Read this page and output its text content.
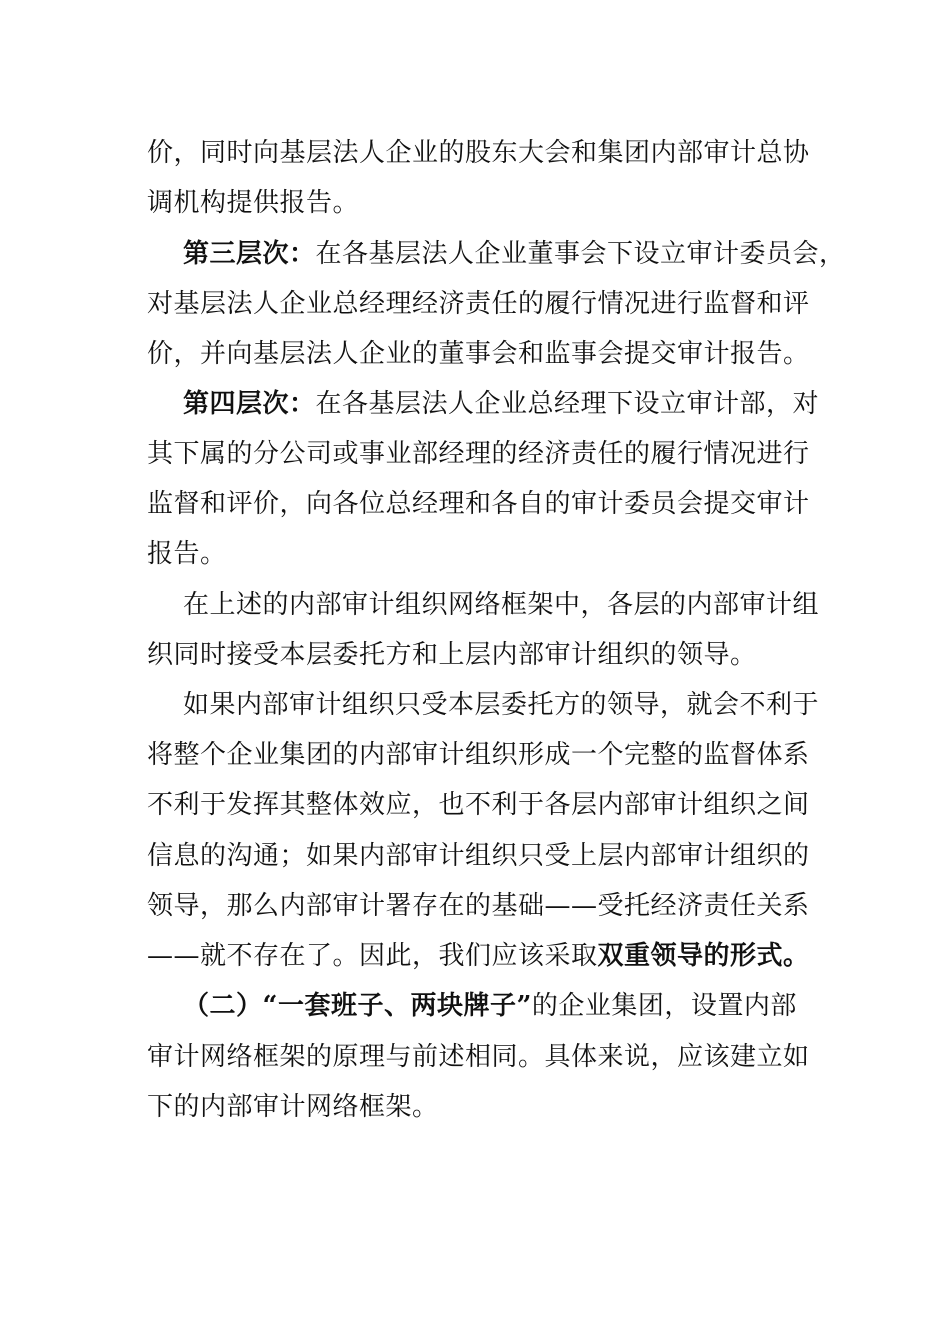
价，同时向基层法人企业的股东大会和集团内部审计总协
调机构提供报告。
第三层次：在各基层法人企业董事会下设立审计委员会，
对基层法人企业总经理经济责任的履行情况进行监督和评
价，并向基层法人企业的董事会和监事会提交审计报告。
第四层次：在各基层法人企业总经理下设立审计部，对
其下属的分公司或事业部经理的经济责任的履行情况进行
监督和评价，向各位总经理和各自的审计委员会提交审计
报告。
在上述的内部审计组织网络框架中，各层的内部审计组
织同时接受本层委托方和上层内部审计组织的领导。
如果内部审计组织只受本层委托方的领导，就会不利于
将整个企业集团的内部审计组织形成一个完整的监督体系
不利于发挥其整体效应，也不利于各层内部审计组织之间
信息的沟通；如果内部审计组织只受上层内部审计组织的
领导，那么内部审计署存在的基础——受托经济责任关系
——就不存在了。因此，我们应该采取双重领导的形式。
（二）“一套班子、两块牌子”的企业集团，设置内部
审计网络框架的原理与前述相同。具体来说，应该建立如
下的内部审计网络框架。
